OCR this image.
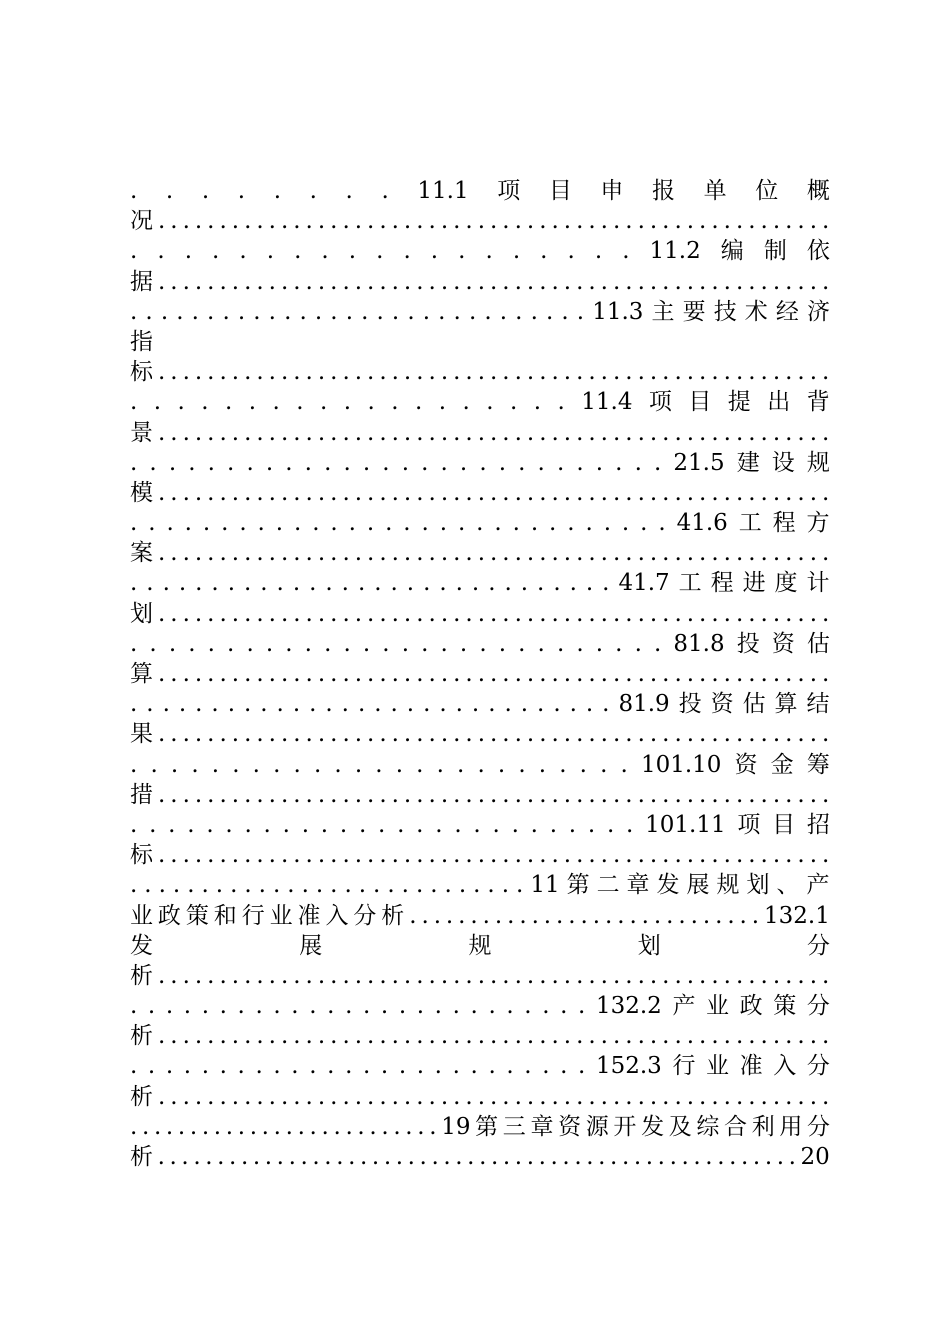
. . . . . . . . 11.1 项 目 申 报 单 位 概
况 . . . . . . . . . . . . . . . . . . . . . . . . . . . . . . . . . . . . . . . . . . . . . . . . . . . . . . .
. . . . . . . . . . . . . . . . . . . 11.2 编 制 依
据 . . . . . . . . . . . . . . . . . . . . . . . . . . . . . . . . . . . . . . . . . . . . . . . . . . . . . . .
. . . . . . . . . . . . . . . . . . . . . . . . . . . . . . 11.3 主 要 技 术 经 济
指
标 . . . . . . . . . . . . . . . . . . . . . . . . . . . . . . . . . . . . . . . . . . . . . . . . . . . . . . .
. . . . . . . . . . . . . . . . . . . 11.4 项 目 提 出 背
景 . . . . . . . . . . . . . . . . . . . . . . . . . . . . . . . . . . . . . . . . . . . . . . . . . . . . . . .
. . . . . . . . . . . . . . . . . . . . . . . . . . . . 21.5 建 设 规
模 . . . . . . . . . . . . . . . . . . . . . . . . . . . . . . . . . . . . . . . . . . . . . . . . . . . . . . .
. . . . . . . . . . . . . . . . . . . . . . . . . . . . . . 41.6 工 程 方
案 . . . . . . . . . . . . . . . . . . . . . . . . . . . . . . . . . . . . . . . . . . . . . . . . . . . . . . .
. . . . . . . . . . . . . . . . . . . . . . . . . . . . . . 41.7 工 程 进 度 计
划 . . . . . . . . . . . . . . . . . . . . . . . . . . . . . . . . . . . . . . . . . . . . . . . . . . . . . . .
. . . . . . . . . . . . . . . . . . . . . . . . . . . . 81.8 投 资 估
算 . . . . . . . . . . . . . . . . . . . . . . . . . . . . . . . . . . . . . . . . . . . . . . . . . . . . . . .
. . . . . . . . . . . . . . . . . . . . . . . . . . . . . . 81.9 投 资 估 算 结
果 . . . . . . . . . . . . . . . . . . . . . . . . . . . . . . . . . . . . . . . . . . . . . . . . . . . . . . .
. . . . . . . . . . . . . . . . . . . . . . . . . 101.10 资 金 筹
措 . . . . . . . . . . . . . . . . . . . . . . . . . . . . . . . . . . . . . . . . . . . . . . . . . . . . . . .
. . . . . . . . . . . . . . . . . . . . . . . . . . . 101.11 项 目 招
标 . . . . . . . . . . . . . . . . . . . . . . . . . . . . . . . . . . . . . . . . . . . . . . . . . . . . . . .
. . . . . . . . . . . . . . . . . . . . . . . . . . . . 11 第 二 章 发 展 规 划 、 产
业 政 策 和 行 业 准 入 分 析 . . . . . . . . . . . . . . . . . . . . . . . . . . . . . 132.1
发	展	规	划	分
析 . . . . . . . . . . . . . . . . . . . . . . . . . . . . . . . . . . . . . . . . . . . . . . . . . . . . . . .
. . . . . . . . . . . . . . . . . . . . . . . . . . 132.2 产 业 政 策 分
析 . . . . . . . . . . . . . . . . . . . . . . . . . . . . . . . . . . . . . . . . . . . . . . . . . . . . . . .
. . . . . . . . . . . . . . . . . . . . . . . . . . 152.3 行 业 准 入 分
析 . . . . . . . . . . . . . . . . . . . . . . . . . . . . . . . . . . . . . . . . . . . . . . . . . . . . . . .
. . . . . . . . . . . . . . . . . . . . . . . . . . 19 第 三 章 资 源 开 发 及 综 合 利 用 分
析 . . . . . . . . . . . . . . . . . . . . . . . . . . . . . . . . . . . . . . . . . . . . . . . . . . . . . . 20
